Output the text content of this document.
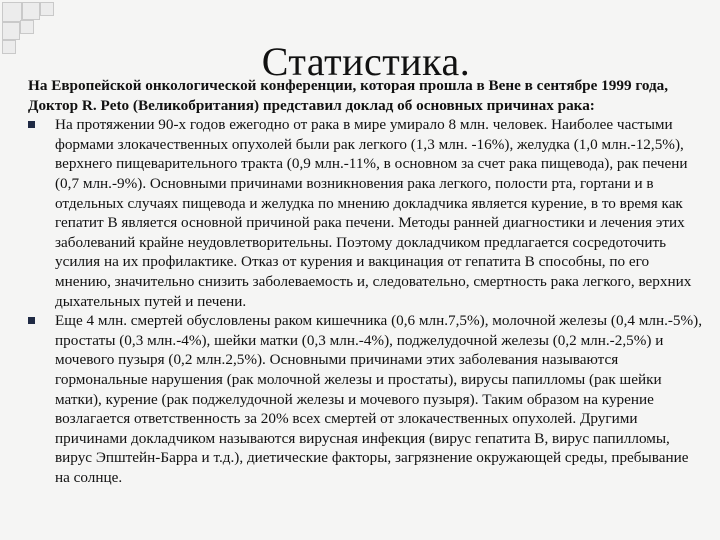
Статистика.

На Европейской онкологической конференции, которая прошла в Вене в сентябре 1999 года, Доктор R. Peto (Великобритания) представил доклад об основных причинах рака:

На протяжении 90-х годов ежегодно от рака в мире умирало 8 млн. человек. Наиболее частыми формами злокачественных опухолей были рак легкого (1,3 млн. -16%), желудка (1,0 млн.-12,5%), верхнего пищеварительного тракта (0,9 млн.-11%, в основном за счет рака пищевода), рак печени (0,7 млн.-9%). Основными причинами возникновения рака легкого, полости рта, гортани и в отдельных случаях пищевода и желудка по мнению докладчика является курение, в то время как гепатит В является основной причиной рака печени. Методы ранней диагностики и лечения этих заболеваний крайне неудовлетворительны. Поэтому докладчиком предлагается сосредоточить усилия на их профилактике. Отказ от курения и вакцинация от гепатита В способны, по его мнению, значительно снизить заболеваемость и, следовательно, смертность рака легкого, верхних дыхательных путей и печени.
Еще 4 млн. смертей обусловлены раком кишечника (0,6 млн.7,5%), молочной железы (0,4 млн.-5%), простаты (0,3 млн.-4%), шейки матки (0,3 млн.-4%), поджелудочной железы (0,2 млн.-2,5%) и мочевого пузыря (0,2 млн.2,5%). Основными причинами этих заболевания называются гормональные нарушения (рак молочной железы и простаты), вирусы папилломы (рак шейки матки), курение (рак поджелудочной железы и мочевого пузыря). Таким образом на курение возлагается ответственность за 20% всех смертей от злокачественных опухолей. Другими причинами докладчиком называются вирусная инфекция (вирус гепатита В, вирус папилломы, вирус Эпштейн-Барра и т.д.), диетические факторы, загрязнение окружающей среды, пребывание на солнце.
